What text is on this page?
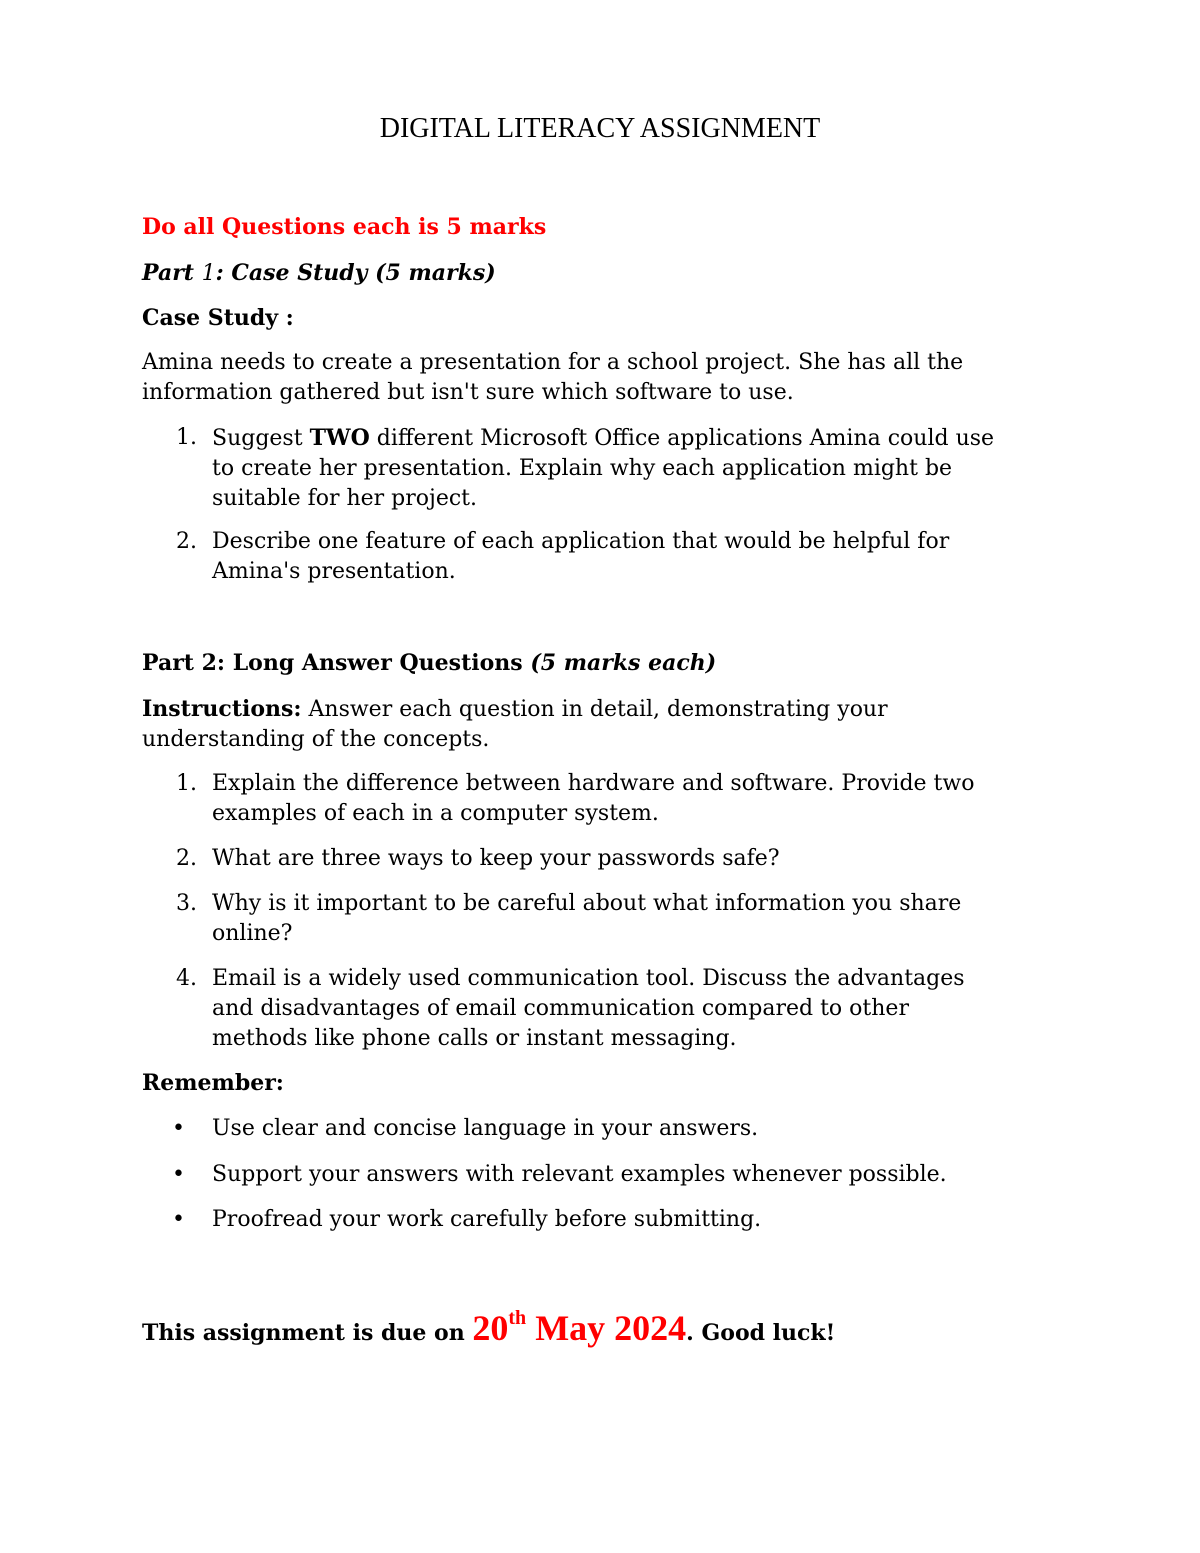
DIGITAL LITERACY ASSIGNMENT
Do all Questions each is 5 marks
Part 1: Case Study (5 marks)
Case Study :
Amina needs to create a presentation for a school project. She has all the
information gathered but isn't sure which software to use.
1. Suggest TWO different Microsoft Office applications Amina could use
to create her presentation. Explain why each application might be
suitable for her project.
2. Describe one feature of each application that would be helpful for
Amina's presentation.
Part 2: Long Answer Questions (5 marks each)
Instructions: Answer each question in detail, demonstrating your
understanding of the concepts.
1. Explain the difference between hardware and software. Provide two
examples of each in a computer system.
2. What are three ways to keep your passwords safe?
3. Why is it important to be careful about what information you share
online?
4. Email is a widely used communication tool. Discuss the advantages
and disadvantages of email communication compared to other
methods like phone calls or instant messaging.
Remember:
• Use clear and concise language in your answers.
• Support your answers with relevant examples whenever possible.
• Proofread your work carefully before submitting.
This assignment is due on 20th May 2024. Good luck!
